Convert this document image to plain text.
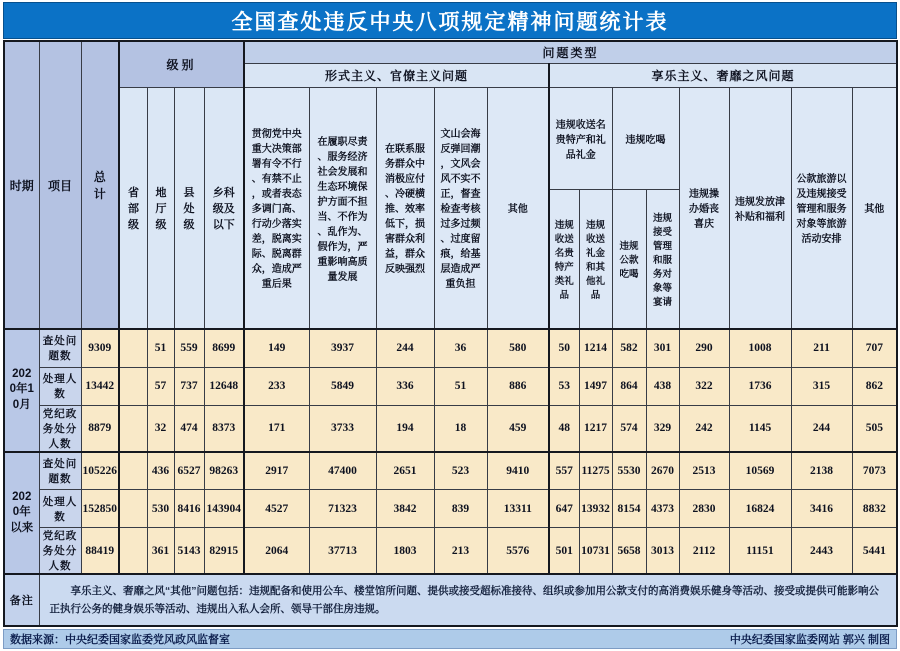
全国查处违反中央八项规定精神问题统计表
时期	项目	总计	级别				问题类型												
							形式主义、官僚主义问题					享乐主义、奢靡之风问题							
			省部级	地厅级	县处级	乡科级及以下	贯彻党中央重大决策部署有令不行、有禁不止，或者表态多调门高、行动少落实差，脱离实际、脱离群众，造成严重后果	在履职尽责、服务经济社会发展和生态环境保护方面不担当、不作为、乱作为、假作为，严重影响高质量发展	在联系服务群众中消极应付、冷硬横推、效率低下，损害群众利益，群众反映强烈	文山会海反弹回潮，文风会风不实不正，督查检查考核过多过频、过度留痕，给基层造成严重负担	其他	违规收送名贵特产和礼品礼金		违规吃喝		违规操办婚丧喜庆	违规发放津补贴和福利	公款旅游以及违规接受管理和服务对象等旅游活动安排	其他
												违规收送名贵特产类礼品	违规收送礼金和其他礼品	违规公款吃喝	违规接受管理和服务对象等宴请				
2020年10月	查处问题数	9309		51	559	8699	149	3937	244	36	580	50	1214	582	301	290	1008	211	707
	处理人数	13442		57	737	12648	233	5849	336	51	886	53	1497	864	438	322	1736	315	862
	党纪政务处分人数	8879		32	474	8373	171	3733	194	18	459	48	1217	574	329	242	1145	244	505
2020年以来	查处问题数	105226		436	6527	98263	2917	47400	2651	523	9410	557	11275	5530	2670	2513	10569	2138	7073
	处理人数	152850		530	8416	143904	4527	71323	3842	839	13311	647	13932	8154	4373	2830	16824	3416	8832
	党纪政务处分人数	88419		361	5143	82915	2064	37713	1803	213	5576	501	10731	5658	3013	2112	11151	2443	5441
备注	享乐主义、奢靡之风“其他”问题包括：违规配备和使用公车、楼堂馆所问题、提供或接受超标准接待、组织或参加用公款支付的高消费娱乐健身等活动、接受或提供可能影响公正执行公务的健身娱乐等活动、违规出入私人会所、领导干部住房违规。																		
数据来源：中央纪委国家监委党风政风监督室	中央纪委国家监委网站 郭兴 制图
